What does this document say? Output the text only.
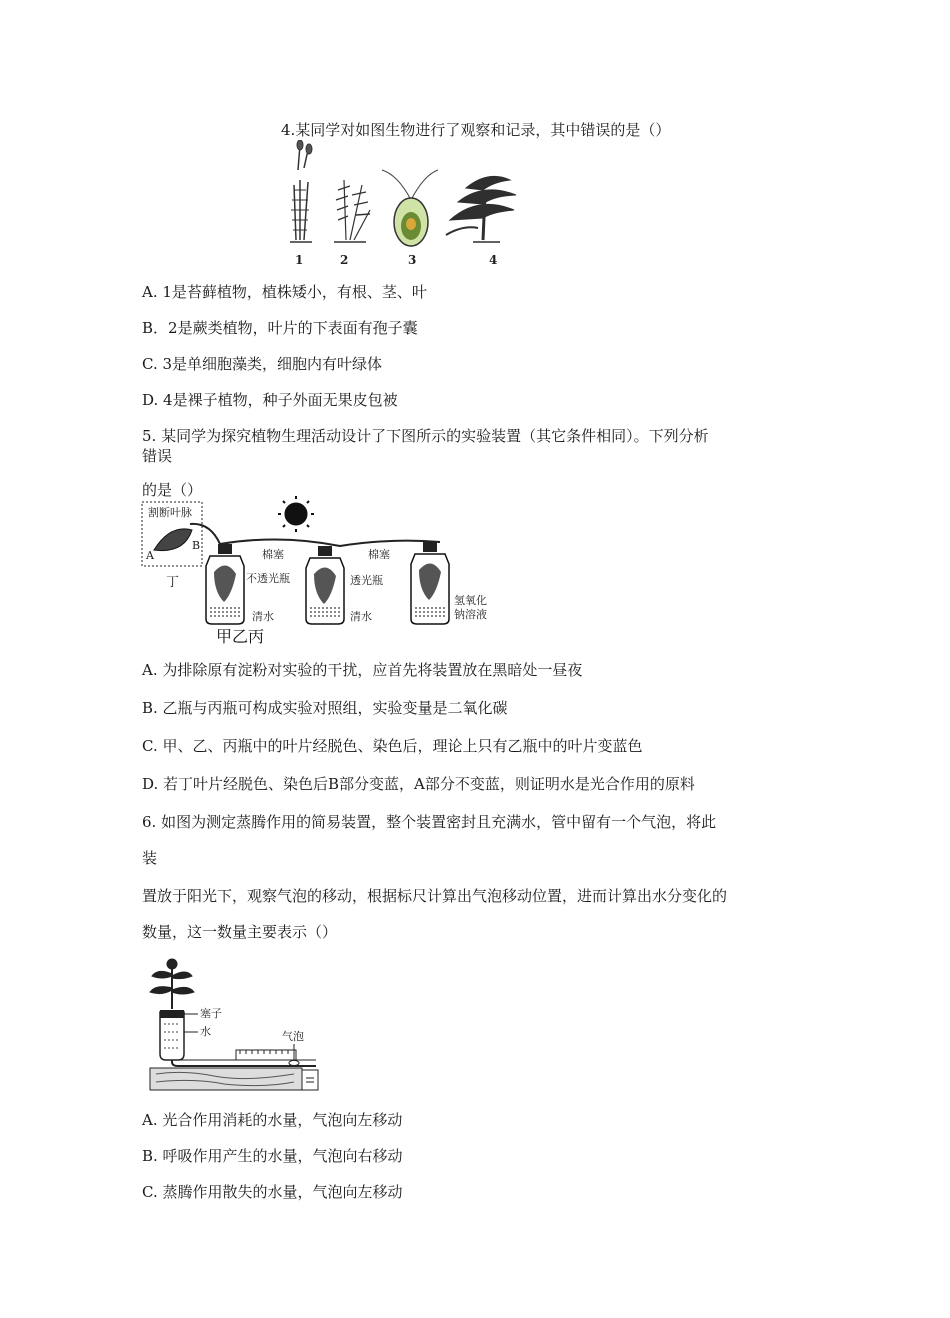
4.某同学对如图生物进行了观察和记录，其中错误的是（）
1	2	3	4
A. 1是苔藓植物，植株矮小，有根、茎、叶
B．2是蕨类植物，叶片的下表面有孢子囊
C. 3是单细胞藻类，细胞内有叶绿体
D. 4是裸子植物，种子外面无果皮包被
5. 某同学为探究植物生理活动设计了下图所示的实验装置（其它条件相同）。下列分析
错误
的是（）
割断叶脉
A
B
丁
棉塞	棉塞
不透光瓶	透光瓶
清水	清水
氢氧化
钠溶液
甲乙丙
A. 为排除原有淀粉对实验的干扰，应首先将装置放在黑暗处一昼夜
B. 乙瓶与丙瓶可构成实验对照组，实验变量是二氧化碳
C. 甲、乙、丙瓶中的叶片经脱色、染色后，理论上只有乙瓶中的叶片变蓝色
D. 若丁叶片经脱色、染色后B部分变蓝，A部分不变蓝，则证明水是光合作用的原料
6. 如图为测定蒸腾作用的简易装置，整个装置密封且充满水，管中留有一个气泡，将此
装
置放于阳光下，观察气泡的移动，根据标尺计算出气泡移动位置，进而计算出水分变化的
数量，这一数量主要表示（）
塞子
水	气泡
A. 光合作用消耗的水量，气泡向左移动
B. 呼吸作用产生的水量，气泡向右移动
C. 蒸腾作用散失的水量，气泡向左移动
